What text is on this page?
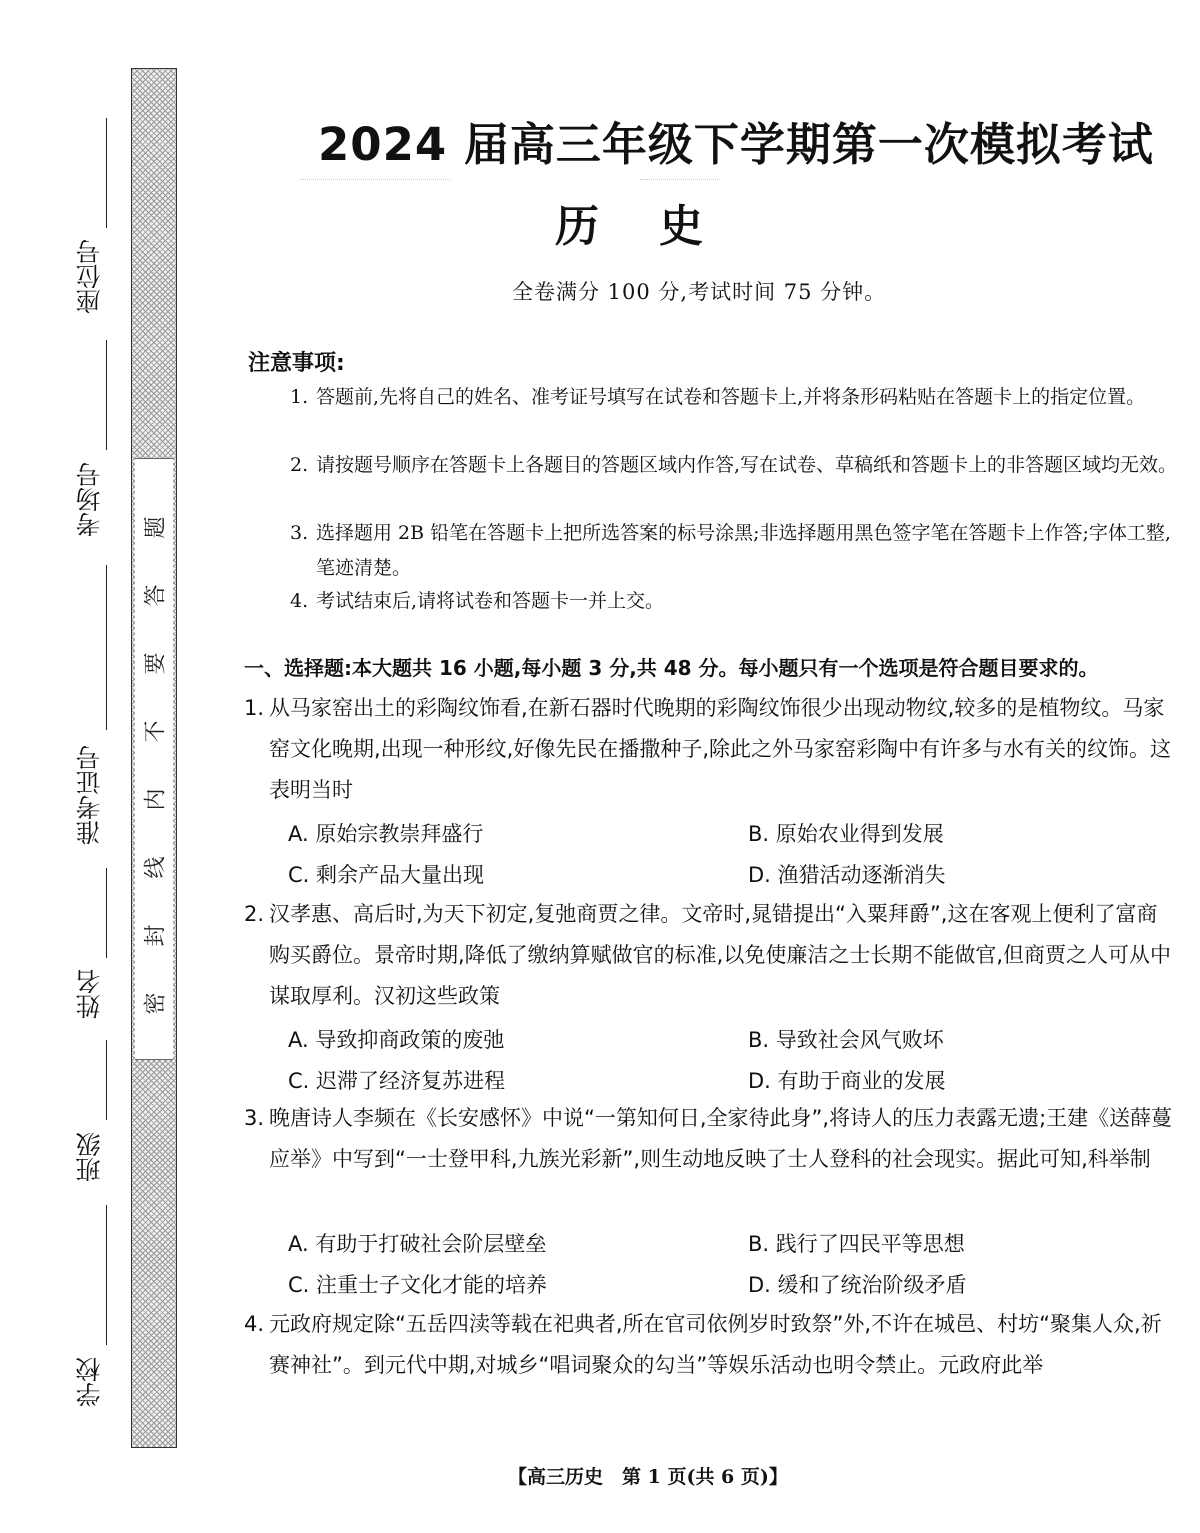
座位号
考场号
准考证号
姓名
班级
学校
题
答
要
不
内
线
封
密
2024 届高三年级下学期第一次模拟考试
历史
全卷满分 100 分,考试时间 75 分钟。
注意事项:
1. 答题前,先将自己的姓名、准考证号填写在试卷和答题卡上,并将条形码粘贴在答题卡上的指定位置。
2. 请按题号顺序在答题卡上各题目的答题区域内作答,写在试卷、草稿纸和答题卡上的非答题区域均无效。
3. 选择题用 2B 铅笔在答题卡上把所选答案的标号涂黑;非选择题用黑色签字笔在答题卡上作答;字体工整,笔迹清楚。
4. 考试结束后,请将试卷和答题卡一并上交。
一、选择题:本大题共 16 小题,每小题 3 分,共 48 分。每小题只有一个选项是符合题目要求的。
1. 从马家窑出土的彩陶纹饰看,在新石器时代晚期的彩陶纹饰很少出现动物纹,较多的是植物纹。马家窑文化晚期,出现一种形纹,好像先民在播撒种子,除此之外马家窑彩陶中有许多与水有关的纹饰。这表明当时
A. 原始宗教崇拜盛行	B. 原始农业得到发展
C. 剩余产品大量出现	D. 渔猎活动逐渐消失
2. 汉孝惠、高后时,为天下初定,复弛商贾之律。文帝时,晁错提出“入粟拜爵”,这在客观上便利了富商购买爵位。景帝时期,降低了缴纳算赋做官的标准,以免使廉洁之士长期不能做官,但商贾之人可从中谋取厚利。汉初这些政策
A. 导致抑商政策的废弛	B. 导致社会风气败坏
C. 迟滞了经济复苏进程	D. 有助于商业的发展
3. 晚唐诗人李频在《长安感怀》中说“一第知何日,全家待此身”,将诗人的压力表露无遗;王建《送薛蔓应举》中写到“一士登甲科,九族光彩新”,则生动地反映了士人登科的社会现实。据此可知,科举制
A. 有助于打破社会阶层壁垒	B. 践行了四民平等思想
C. 注重士子文化才能的培养	D. 缓和了统治阶级矛盾
4. 元政府规定除“五岳四渎等载在祀典者,所在官司依例岁时致祭”外,不许在城邑、村坊“聚集人众,祈赛神社”。到元代中期,对城乡“唱词聚众的勾当”等娱乐活动也明令禁止。元政府此举
【高三历史　第 1 页(共 6 页)】
